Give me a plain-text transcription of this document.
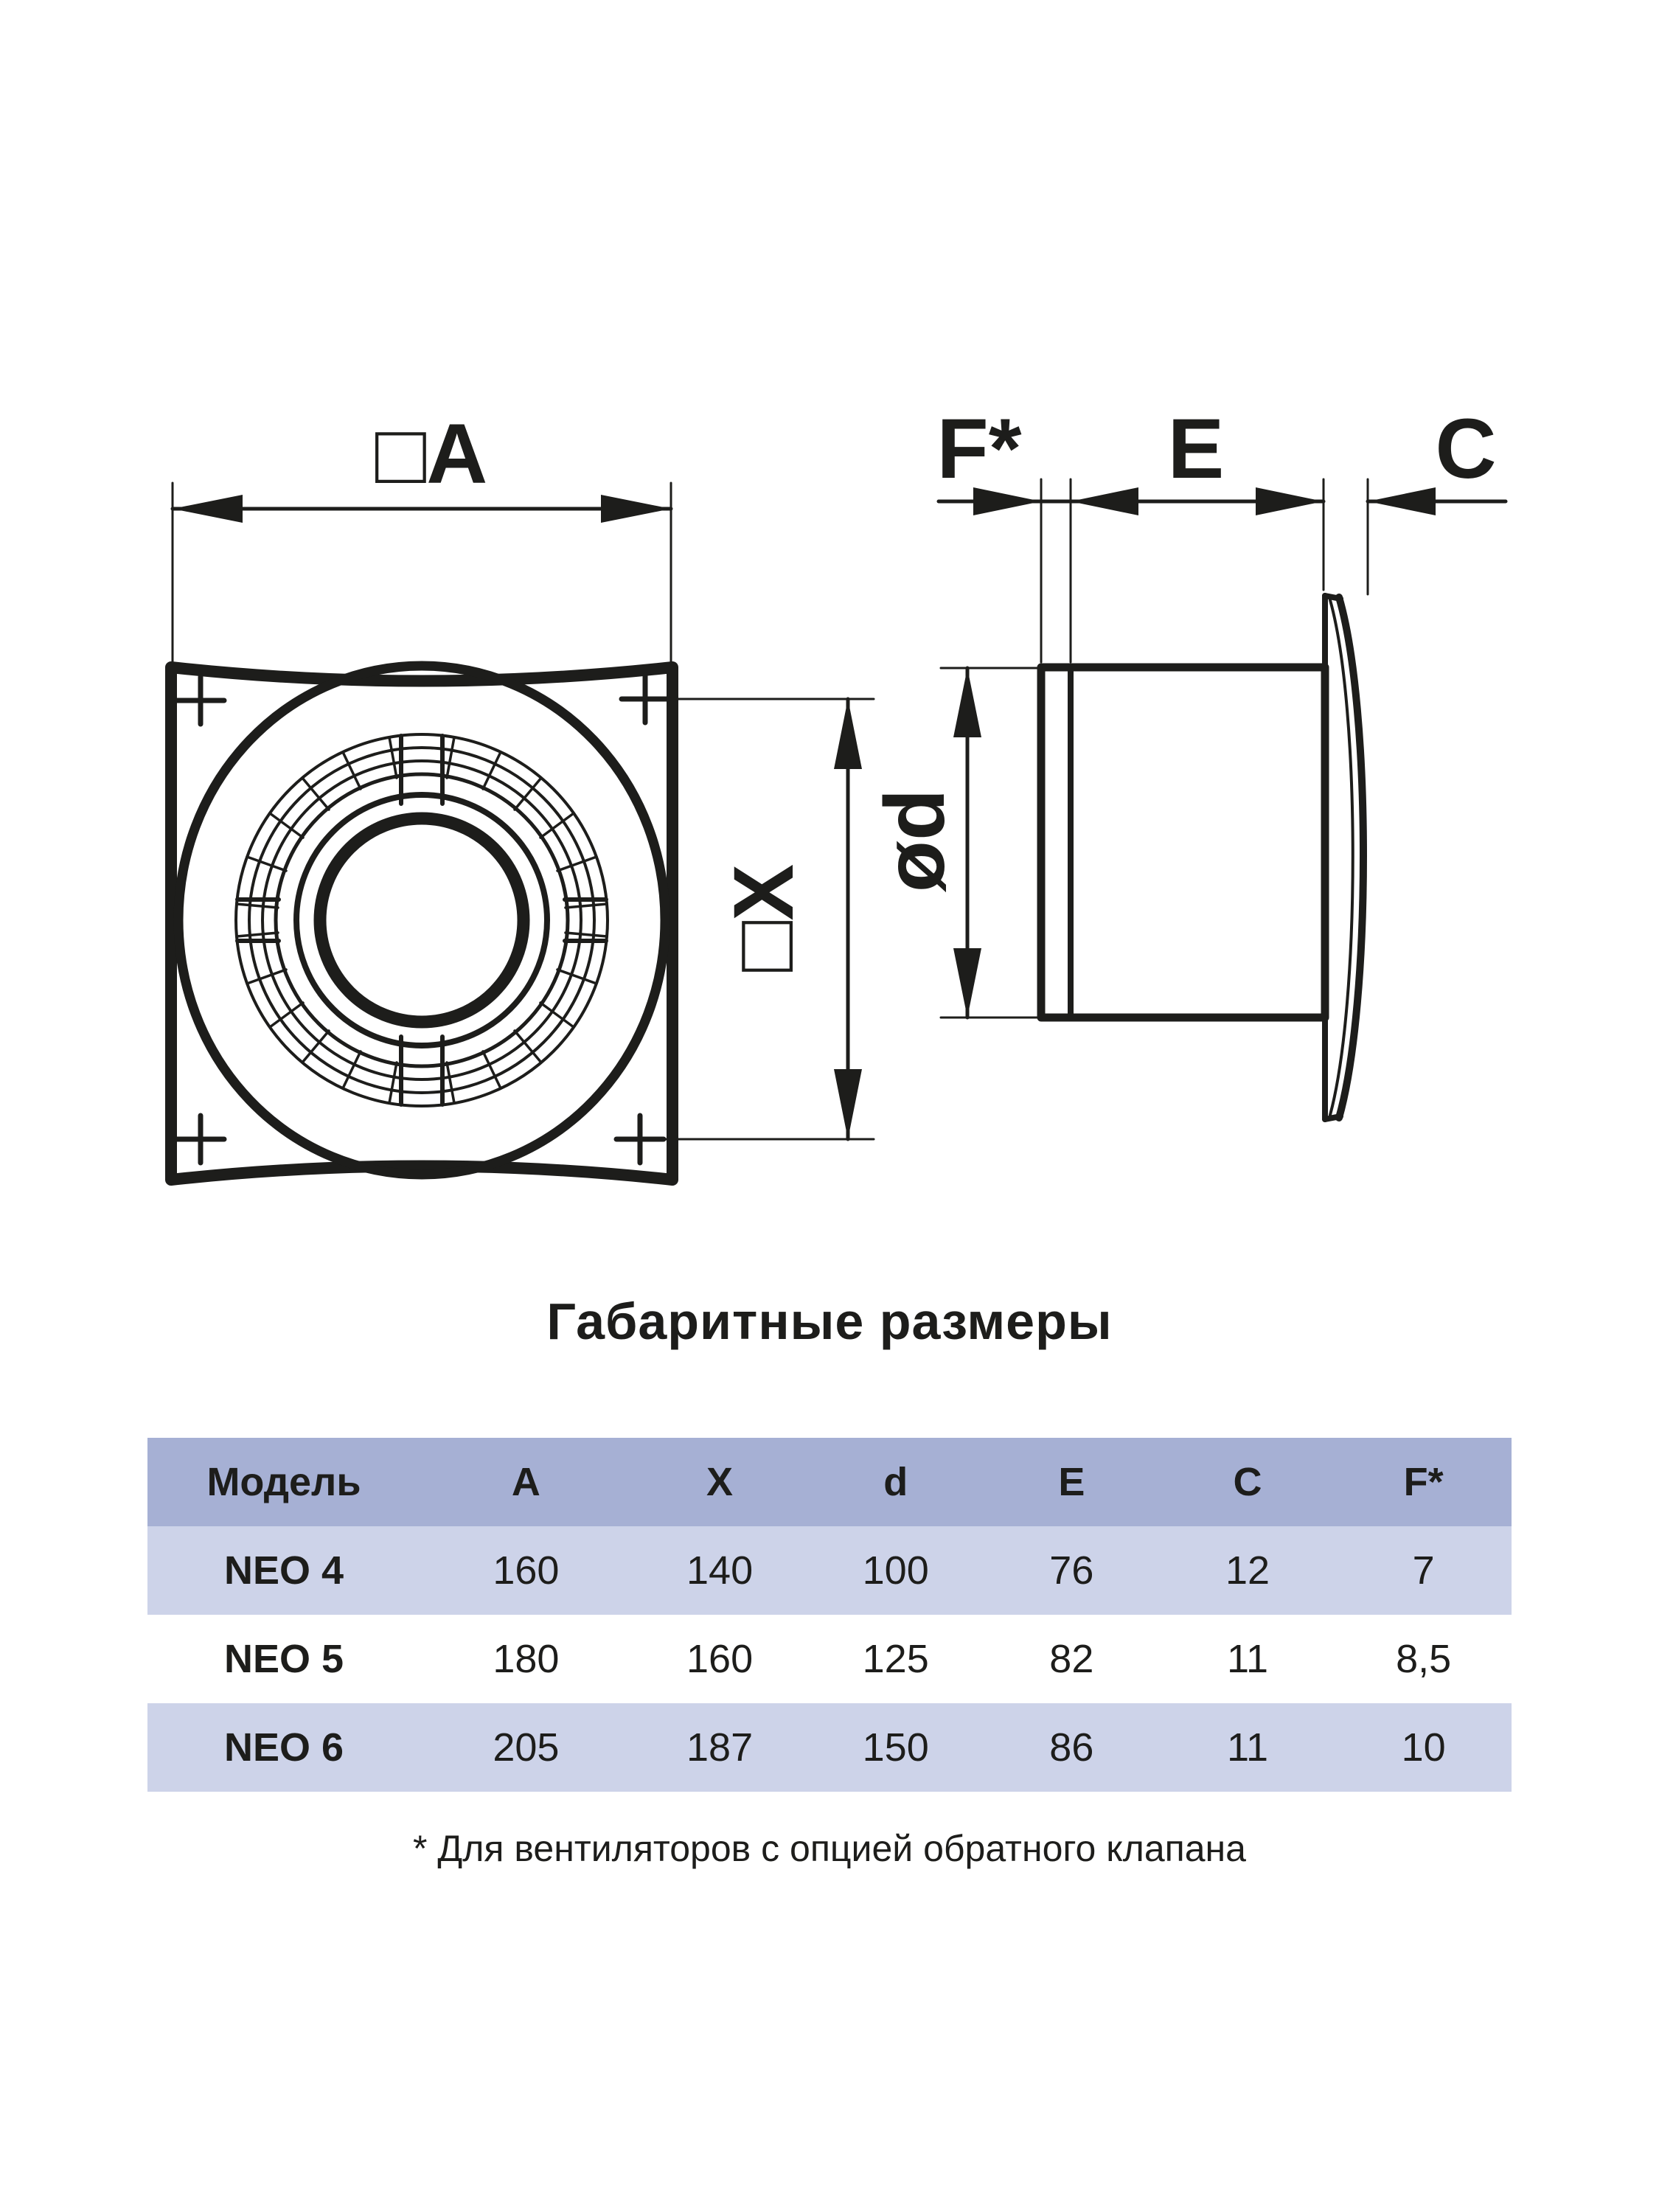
□A
□X
F* E C
ød
Габаритные размеры
Модель	A	X	d	E	C	F*
NEO 4	160	140	100	76	12	7
NEO 5	180	160	125	82	11	8,5
NEO 6	205	187	150	86	11	10
* Для вентиляторов с опцией обратного клапана
